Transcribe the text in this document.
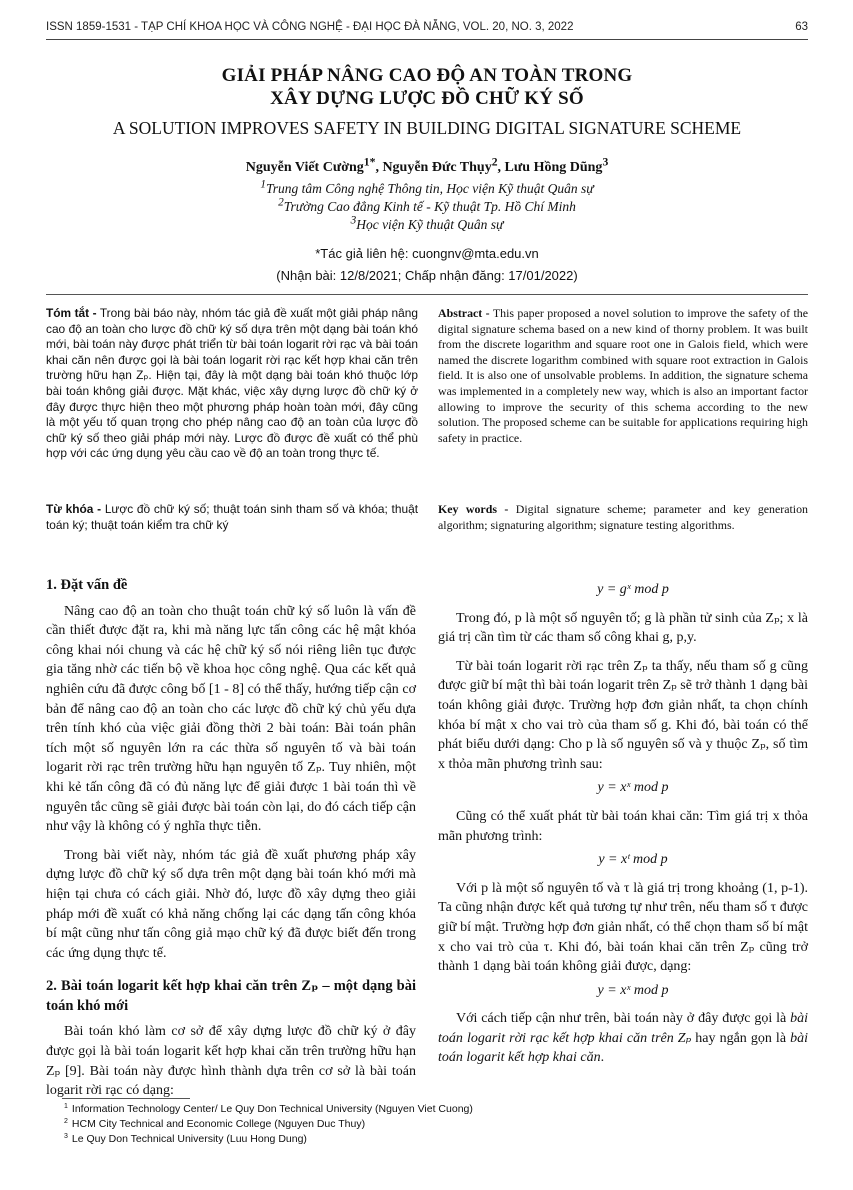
ISSN 1859-1531 - TẠP CHÍ KHOA HỌC VÀ CÔNG NGHỆ - ĐẠI HỌC ĐÀ NẴNG, VOL. 20, NO. 3, 2022	63
GIẢI PHÁP NÂNG CAO ĐỘ AN TOÀN TRONG
XÂY DỰNG LƯỢC ĐỒ CHỮ KÝ SỐ
A SOLUTION IMPROVES SAFETY IN BUILDING DIGITAL SIGNATURE SCHEME
Nguyễn Viết Cường$^{1*}$, Nguyễn Đức Thụy$^2$, Lưu Hồng Dũng$^3$
$^1$Trung tâm Công nghệ Thông tin, Học viện Kỹ thuật Quân sự
$^2$Trường Cao đẳng Kinh tế - Kỹ thuật Tp. Hồ Chí Minh
$^3$Học viện Kỹ thuật Quân sự
*Tác giả liên hệ: cuongnv@mta.edu.vn
(Nhận bài: 12/8/2021; Chấp nhận đăng: 17/01/2022)
Tóm tắt - Trong bài báo này, nhóm tác giả đề xuất một giải pháp nâng cao độ an toàn cho lược đồ chữ ký số dựa trên một dạng bài toán khó mới, bài toán này được phát triển từ bài toán logarit rời rạc và bài toán khai căn nên được gọi là bài toán logarit rời rạc kết hợp khai căn trên trường hữu hạn Zₚ. Hiện tại, đây là một dạng bài toán khó thuộc lớp bài toán không giải được. Mặt khác, việc xây dựng lược đồ chữ ký ở đây được thực hiện theo một phương pháp hoàn toàn mới, đây cũng là một yếu tố quan trọng cho phép nâng cao độ an toàn của lược đồ chữ ký số theo giải pháp mới này. Lược đồ được đề xuất có thể phù hợp với các ứng dụng yêu cầu cao về độ an toàn trong thực tế.
Abstract - This paper proposed a novel solution to improve the safety of the digital signature schema based on a new kind of thorny problem. It was built from the discrete logarithm and square root one in Galois field, which were named the discrete logarithm combined with square root extraction in Galois field. It is also one of unsolvable problems. In addition, the signature schema was implemented in a completely new way, which is also an important factor allowing to improve the security of this schema according to the new solution. The proposed scheme can be suitable for applications requiring high safety in practice.
Từ khóa - Lược đồ chữ ký số; thuật toán sinh tham số và khóa; thuật toán ký; thuật toán kiểm tra chữ ký
Key words - Digital signature scheme; parameter and key generation algorithm; signaturing algorithm; signature testing algorithms.
1. Đặt vấn đề

Nâng cao độ an toàn cho thuật toán chữ ký số luôn là vấn đề cần thiết được đặt ra, khi mà năng lực tấn công các hệ mật khóa công khai nói chung và các hệ chữ ký số nói riêng liên tục được gia tăng nhờ các tiến bộ về khoa học công nghệ. Qua các kết quả nghiên cứu đã được công bố [1 - 8] có thể thấy, hướng tiếp cận cơ bản để nâng cao độ an toàn cho các lược đồ chữ ký chủ yếu dựa trên tính khó của việc giải đồng thời 2 bài toán: Bài toán phân tích một số nguyên lớn ra các thừa số nguyên tố và bài toán logarit rời rạc trên trường hữu hạn nguyên tố Zₚ. Tuy nhiên, một khi kẻ tấn công đã có đủ năng lực để giải được 1 bài toán thì về nguyên tắc cũng sẽ giải được bài toán còn lại, do đó cách tiếp cận như vậy là không có ý nghĩa thực tiễn.

Trong bài viết này, nhóm tác giả đề xuất phương pháp xây dựng lược đồ chữ ký số dựa trên một dạng bài toán khó mới mà hiện tại chưa có cách giải. Nhờ đó, lược đồ xây dựng theo giải pháp mới đề xuất có khả năng chống lại các dạng tấn công khóa bí mật cũng như tấn công giả mạo chữ ký đã được biết đến trong các ứng dụng thực tế.

2. Bài toán logarit kết hợp khai căn trên Zₚ – một dạng bài toán khó mới

Bài toán khó làm cơ sở để xây dựng lược đồ chữ ký ở đây được gọi là bài toán logarit kết hợp khai căn trên trường hữu hạn Zₚ [9]. Bài toán này được hình thành dựa trên cơ sở là bài toán logarit rời rạc có dạng:

y = gˣ mod p

Trong đó, p là một số nguyên tố; g là phần tử sinh của Zₚ; x là giá trị cần tìm từ các tham số công khai g, p,y.

Từ bài toán logarit rời rạc trên Zₚ ta thấy, nếu tham số g cũng được giữ bí mật thì bài toán logarit trên Zₚ sẽ trở thành 1 dạng bài toán không giải được. Trường hợp đơn giản nhất, ta chọn chính khóa bí mật x cho vai trò của tham số g. Khi đó, bài toán có thể phát biểu dưới dạng: Cho p là số nguyên số và y thuộc Zₚ, số tìm x thỏa mãn phương trình sau:

y = xˣ mod p

Cũng có thể xuất phát từ bài toán khai căn: Tìm giá trị x thỏa mãn phương trình:

y = xᵗ mod p

Với p là một số nguyên tố và τ là giá trị trong khoảng (1, p-1). Ta cũng nhận được kết quả tương tự như trên, nếu tham số τ được giữ bí mật. Trường hợp đơn giản nhất, có thể chọn tham số bí mật x cho vai trò của τ. Khi đó, bài toán khai căn trên Zₚ cũng trở thành 1 dạng bài toán không giải được, dạng:

y = xˣ mod p

Với cách tiếp cận như trên, bài toán này ở đây được gọi là bài toán logarit rời rạc kết hợp khai căn trên Zₚ hay ngắn gọn là bài toán logarit kết hợp khai căn.

$^1$ Information Technology Center/ Le Quy Don Technical University (Nguyen Viet Cuong)
$^2$ HCM City Technical and Economic College (Nguyen Duc Thuy)
$^3$ Le Quy Don Technical University (Luu Hong Dung)
